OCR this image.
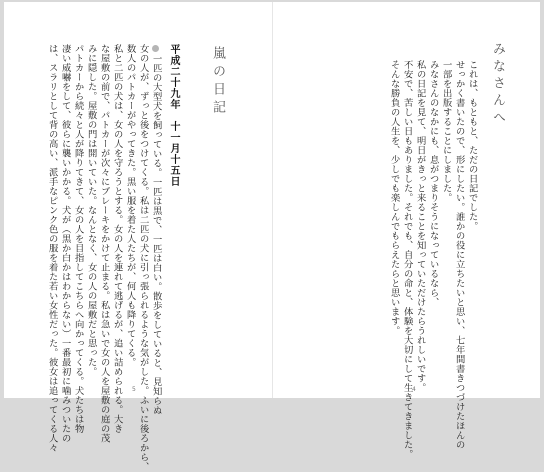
みなさんへ
これは、もともと、ただの日記でした。
せっかく書いたので、形にしたい。誰かの役に立ちたいと思い、七年間書きつづけたほんの
一部を出版することにしました。
みなさんのなかにも、息がつまりそうになっているなら、
私の日記を見て、明日がきっと来ることを知っていただけたらうれしいです。
不安で、苦しい日もありました。それでも、自分の命と、体験を大切にして生きてきました。
そんな勝負の人生を、少しでも楽しんでもらえたらと思います。
4
嵐の日記
平成二十九年　十一月十五日
一匹の大型犬を飼っている。一匹は黒で、一匹は白い。散歩をしていると、見知らぬ
女の人が、ずっと後をつけてくる。私は二匹の犬に引っ張られるような気がした。ふいに後ろから、
数人のパトカーがやってきた。黒い服を着た人たちが、何人も降りてくる。
私と二匹の犬は、女の人を守ろうとする。女の人を連れて逃げるが、追い詰められる。大き
な屋敷の前で、パトカーが次々にブレーキをかけて止まる。私は急いで女の人を屋敷の庭の茂
みに隠した。屋敷の門は開いていた。なんとなく、女の人の屋敷だと思った。
パトカーから続々と人が降りてきて、女の人を目指してこちらへ向かってくる。犬たちは物
凄い威嚇をして、彼らに襲いかかる。犬が（黒か白かはわからない）一番最初に噛みついたの
は、スラリとして背の高い、派手なピンク色の服を着た若い女性だった。彼女は追ってくる人々	5
